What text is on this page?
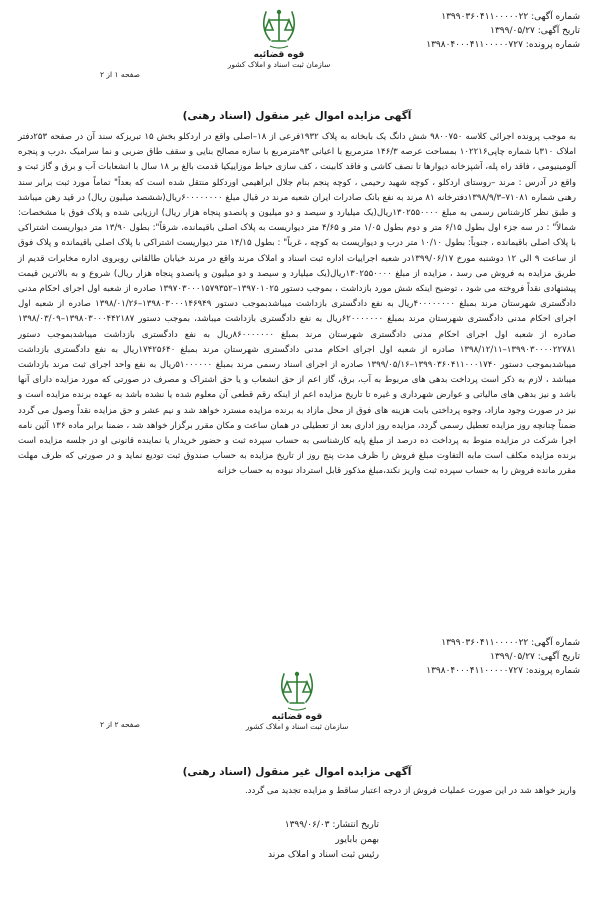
شماره آگهی: ۱۳۹۹۰۳۶۰۴۱۱۰۰۰۰۰۲۲
تاریخ آگهی: ۱۳۹۹/۰۵/۲۷
شماره پرونده: ۱۳۹۸۰۴۰۰۰۴۱۱۰۰۰۰۰۷۲۷
قوه قضائیه
سازمان ثبت اسناد و املاک کشور
صفحه ۱ از ۲
آگهی مزایده اموال غیر منقول (اسناد رهنی)
به موجب پرونده اجرائی کلاسه ۹۸۰۰۷۵۰ شش دانگ یک بابخانه به پلاک ۱۹۳۲فرعی از ۱۸–اصلی واقع در اردکلو بخش ۱۵ تبریزکه سند آن در صفحه ۲۵۳دفتر املاک ۳۱۰با شماره چاپی۱۰۲۲۱۶ بمساحت عرصه ۱۴۶/۳ مترمربع با اعیانی ۹۳مترمربع با سازه مصالح بنایی و سقف طاق ضربی و نما سرامیک ،درب و پنجره آلومینیومی ، فاقد راه پله، آشپزخانه دیوارها تا نصف کاشی و فاقد کابینت ، کف سازی حیاط موزاییکیا قدمت بالغ بر ۱۸ سال با انشعابات آب و برق و گاز ثبت و واقع در آدرس : مرند –روستای اردکلو ، کوچه شهید رحیمی ، کوچه پنجم بنام جلال ابراهیمی اوردکلو منتقل شده است که بعداً" تماماً مورد ثبت برابر سند رهنی شماره ۷۱۰۸۱–۱۳۹۸/۹/۳دفترخانه ۸۱ مرند به نفع بانک صادرات ایران شعبه مرند در قبال مبلغ ۶۰۰۰۰۰۰۰۰ریال(ششصد میلیون ریال) در قید رهن میباشد و طبق نظر کارشناس رسمی به مبلغ ۱۳۰۲۵۵۰۰۰۰ریال(یک میلیارد و سیصد و دو میلیون و پانصدو پنجاه هزار ریال) ارزیابی شده و پلاک فوق با مشخصات: شمالاً" : در سه جزء اول بطول ۶/۱۵ متر و دوم بطول ۱/۰۵ متر و ۴/۶۵ متر دیواریست به پلاک اصلی باقیمانده، شرقاً": بطول ۱۳/۹۰ متر دیواریست اشتراکی با پلاک اصلی باقیمانده ، جنوباً: بطول ۱۰/۱۰ متر درب و دیواریست به کوچه ، غرباً" : بطول ۱۴/۱۵ متر دیواریست اشتراکی با پلاک اصلی باقیمانده و پلاک فوق از ساعت ۹ الی ۱۲ دوشنبه مورخ ۱۳۹۹/۰۶/۱۷در شعبه اجراییات اداره ثبت اسناد و املاک مرند واقع در مرند خیابان طالقانی روبروی اداره مخابرات قدیم از طریق مزایده به فروش می رسد ، مزایده از مبلغ ۱۳۰۲۵۵۰۰۰۰ریال(یک میلیارد و سیصد و دو میلیون و پانصدو پنجاه هزار ریال) شروع و به بالاترین قیمت پیشنهادی نقداً فروخته می شود ، توضیح اینکه شش مورد بازداشت ، بموجب دستور ۱۳۹۷۰۱۰۲۵–۱۳۹۷۰۳۰۰۰۱۵۷۹۳۵۲ صادره از شعبه اول اجرای احکام مدنی دادگستری شهرستان مرند بمبلغ ۴۰۰۰۰۰۰۰۰ریال به نفع دادگستری بازداشت میباشدبموجب دستور ۱۳۹۸۰۳۰۰۰۱۴۶۹۴۹–۱۳۹۸/۰۱/۲۶ صادره از شعبه اول اجرای احکام مدنی دادگستری شهرستان مرند بمبلغ ۶۲۰۰۰۰۰۰۰ریال به نفع دادگستری بازداشت میباشد، بموجب دستور ۱۳۹۸۰۳۰۰۰۴۴۲۱۸۷–۱۳۹۸/۰۳/۰۹ صادره از شعبه اول اجرای احکام مدنی دادگستری شهرستان مرند بمبلغ ۸۶۰۰۰۰۰۰۰ریال به نفع دادگستری بازداشت میباشدبموجب دستور ۱۳۹۹۰۳۰۰۰۰۲۲۷۸۱–۱۳۹۸/۱۲/۱۱ صادره از شعبه اول اجرای احکام مدنی دادگستری شهرستان مرند بمبلغ ۱۷۴۲۵۶۴۰ریال به نفع دادگستری بازداشت میباشدبموجب دستور ۱۳۹۹۰۳۶۰۴۱۱۰۰۰۱۷۴۰–۱۳۹۹/۰۵/۱۶ صادره از اجرای اسناد رسمی مرند بمبلغ ۵۱۰۰۰۰۰۰ریال به نفع واحد اجرای ثبت مرند بازداشت میباشد ، لازم به ذکر است پرداخت بدهی های مربوط به آب، برق، گاز اعم از حق انشعاب و یا حق اشتراک و مصرف در صورتی که مورد مزایده دارای آنها باشد و نیز بدهی های مالیاتی و عوارض شهرداری و غیره تا تاریخ مزایده اعم از اینکه رقم قطعی آن معلوم شده یا نشده باشد به عهده برنده مزایده است و نیز در صورت وجود مازاد، وجوه پرداختی بابت هزینه های فوق از محل مازاد به برنده مزایده مسترد خواهد شد و نیم عشر و حق مزایده نقداً وصول می گردد ضمناً چنانچه روز مزایده تعطیل رسمی گردد، مزایده روز اداری بعد از تعطیلی در همان ساعت و مکان مقرر برگزار خواهد شد ، ضمنا برابر ماده ۱۳۶ آئین نامه اجرا شرکت در مزایده منوط به پرداخت ده درصد از مبلغ پایه کارشناسی به حساب سپرده ثبت و حضور خریدار یا نماینده قانونی او در جلسه مزایده است برنده مزایده مکلف است مابه التفاوت مبلغ فروش را ظرف مدت پنج روز از تاریخ مزایده به حساب صندوق ثبت تودیع نماید و در صورتی که ظرف مهلت مقرر مانده فروش را به حساب سپرده ثبت واریز نکند،مبلغ مذکور قابل استرداد نبوده به حساب خزانه
شماره آگهی: ۱۳۹۹۰۳۶۰۴۱۱۰۰۰۰۰۲۲
تاریخ آگهی: ۱۳۹۹/۰۵/۲۷
شماره پرونده: ۱۳۹۸۰۴۰۰۰۴۱۱۰۰۰۰۰۷۲۷
قوه قضائیه
سازمان ثبت اسناد و املاک کشور
صفحه ۲ از ۲
آگهی مزایده اموال غیر منقول (اسناد رهنی)
واریز خواهد شد در این صورت عملیات فروش از درجه اعتبار ساقط و مزایده تجدید می گردد.
تاریخ انتشار: ۱۳۹۹/۰۶/۰۳
بهمن بابایور
رئیس ثبت اسناد و املاک مرند
